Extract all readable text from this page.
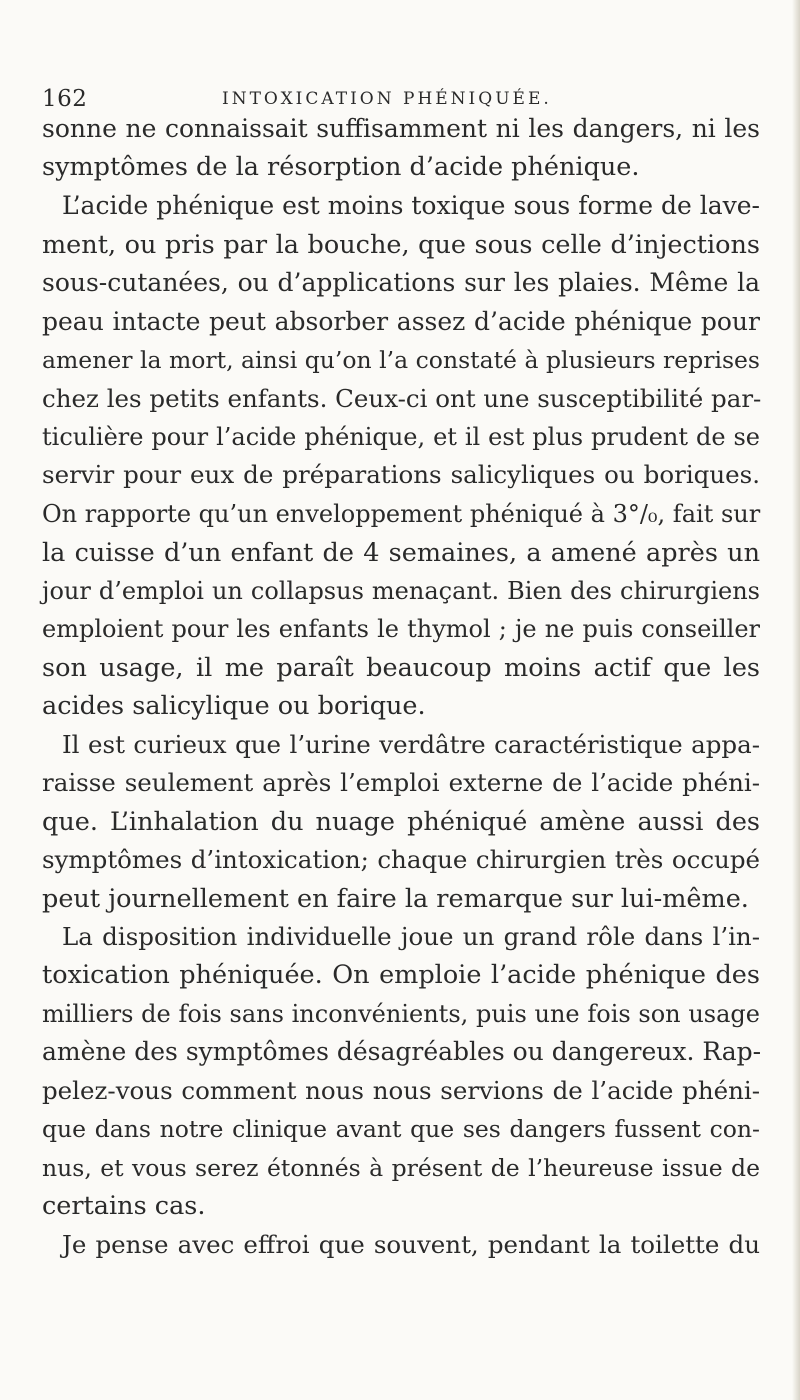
162	INTOXICATION PHÉNIQUÉE.
sonne ne connaissait suffisamment ni les dangers, ni les
symptômes de la résorption d’acide phénique.
L’acide phénique est moins toxique sous forme de lave-
ment, ou pris par la bouche, que sous celle d’injections
sous-cutanées, ou d’applications sur les plaies. Même la
peau intacte peut absorber assez d’acide phénique pour
amener la mort, ainsi qu’on l’a constaté à plusieurs reprises
chez les petits enfants. Ceux-ci ont une susceptibilité par-
ticulière pour l’acide phénique, et il est plus prudent de se
servir pour eux de préparations salicyliques ou boriques.
On rapporte qu’un enveloppement phéniqué à 3°/₀, fait sur
la cuisse d’un enfant de 4 semaines, a amené après un
jour d’emploi un collapsus menaçant. Bien des chirurgiens
emploient pour les enfants le thymol ; je ne puis conseiller
son usage, il me paraît beaucoup moins actif que les
acides salicylique ou borique.
Il est curieux que l’urine verdâtre caractéristique appa-
raisse seulement après l’emploi externe de l’acide phéni-
que. L’inhalation du nuage phéniqué amène aussi des
symptômes d’intoxication; chaque chirurgien très occupé
peut journellement en faire la remarque sur lui-même.
La disposition individuelle joue un grand rôle dans l’in-
toxication phéniquée. On emploie l’acide phénique des
milliers de fois sans inconvénients, puis une fois son usage
amène des symptômes désagréables ou dangereux. Rap-
pelez-vous comment nous nous servions de l’acide phéni-
que dans notre clinique avant que ses dangers fussent con-
nus, et vous serez étonnés à présent de l’heureuse issue de
certains cas.
Je pense avec effroi que souvent, pendant la toilette du
